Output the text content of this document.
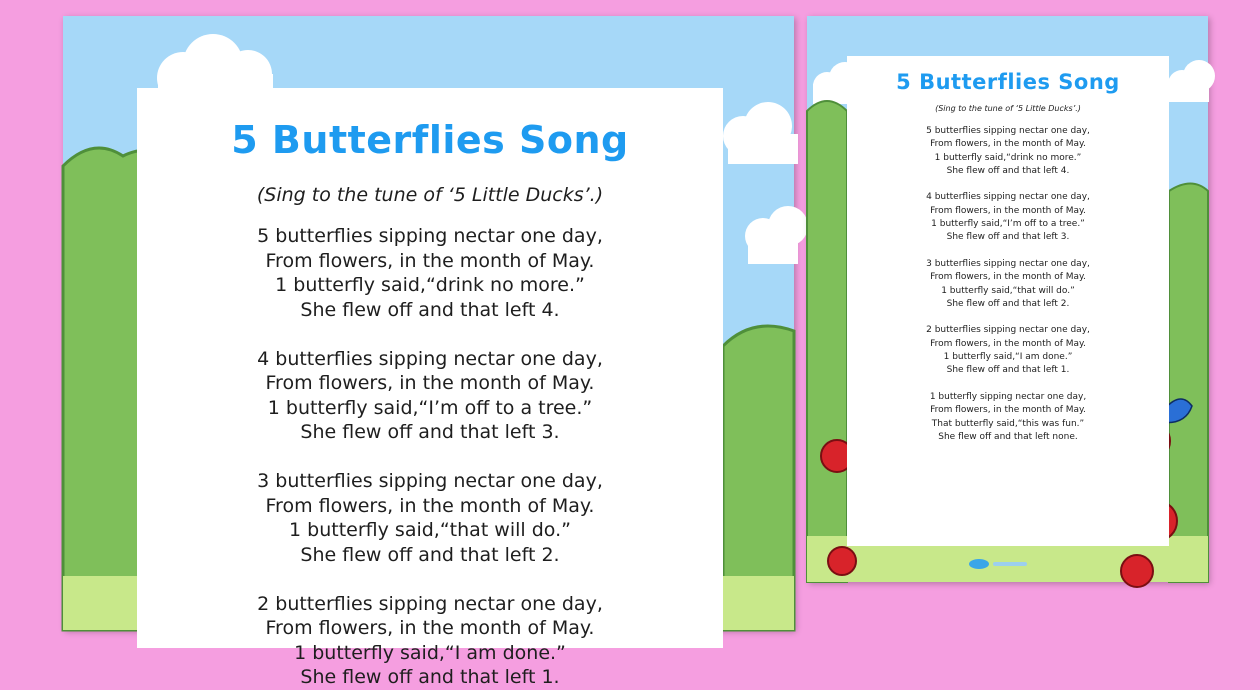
5 Butterflies Song
(Sing to the tune of ‘5 Little Ducks’.)

5 butterflies sipping nectar one day,

From flowers, in the month of May.

1 butterfly said,“drink no more.”

She flew off and that left 4.

4 butterflies sipping nectar one day,

From flowers, in the month of May.

1 butterfly said,“I’m off to a tree.”

She flew off and that left 3.

3 butterflies sipping nectar one day,

From flowers, in the month of May.

1 butterfly said,“that will do.”

She flew off and that left 2.

2 butterflies sipping nectar one day,

From flowers, in the month of May.

1 butterfly said,“I am done.”

She flew off and that left 1.

5 Butterflies Song
(Sing to the tune of ‘5 Little Ducks’.)

5 butterflies sipping nectar one day,

From flowers, in the month of May.

1 butterfly said,“drink no more.”

She flew off and that left 4.

4 butterflies sipping nectar one day,

From flowers, in the month of May.

1 butterfly said,“I’m off to a tree.”

She flew off and that left 3.

3 butterflies sipping nectar one day,

From flowers, in the month of May.

1 butterfly said,“that will do.”

She flew off and that left 2.

2 butterflies sipping nectar one day,

From flowers, in the month of May.

1 butterfly said,“I am done.”

She flew off and that left 1.

1 butterfly sipping nectar one day,

From flowers, in the month of May.

That butterfly said,“this was fun.”

She flew off and that left none.
